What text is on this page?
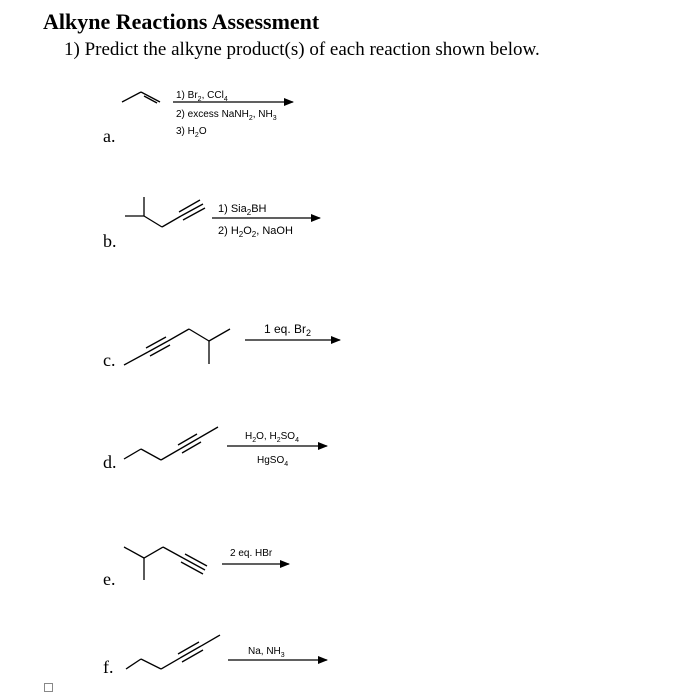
Alkyne Reactions Assessment

1) Predict the alkyne product(s) of each reaction shown below.

a.
b.
c.
d.
e.
f.
1) $Br_2$, CCl$_4$
2) excess NaNH$_2$, $NH_3$
3) $H_2O$
1) Sia$_2$BH
2) $H_2O_2$, NaOH
1 eq. $Br_2$
$H_2O$, $H_2SO_4$
HgSO$_4$
2 eq. HBr
Na, $NH_3$
